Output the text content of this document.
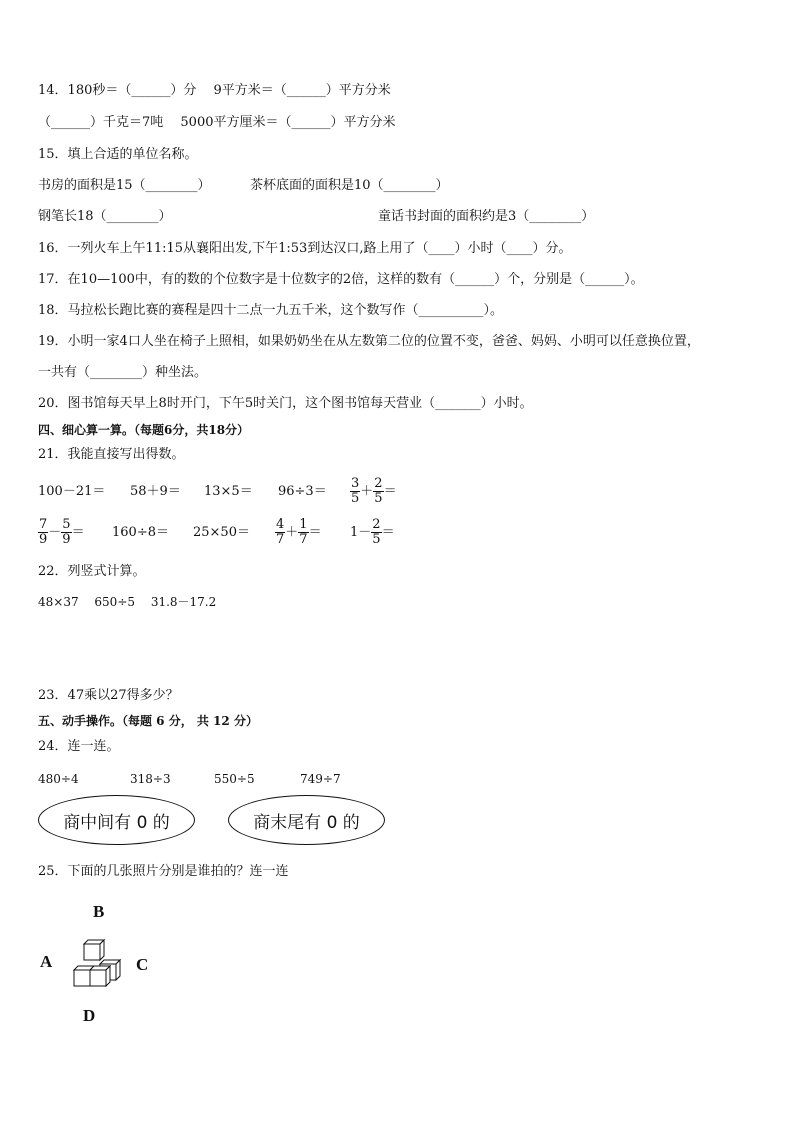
14．180秒＝（______）分　 9平方米＝（______）平方分米
（______）千克＝7吨　 5000平方厘米＝（______）平方分米
15．填上合适的单位名称。
书房的面积是15（________）	茶杯底面的面积是10（________）
钢笔长18（________）	童话书封面的面积约是3（________）
16．一列火车上午11:15从襄阳出发,下午1:53到达汉口,路上用了（____）小时（____）分。
17．在10—100中，有的数的个位数字是十位数字的2倍，这样的数有（______）个，分别是（______）。
18．马拉松长跑比赛的赛程是四十二点一九五千米，这个数写作（__________）。
19．小明一家4口人坐在椅子上照相，如果奶奶坐在从左数第二位的位置不变，爸爸、妈妈、小明可以任意换位置，
一共有（________）种坐法。
20．图书馆每天早上8时开门，下午5时关门，这个图书馆每天营业（_______）小时。
四、细心算一算。（每题6分，共18分）
21．我能直接写出得数。
$100-21= 58+9= 13\times 5= 96\div 3= \frac{3}{5} + \frac{2}{5}$ ＝
$\frac{7}{9} - \frac{5}{9} = 160\div 8= 25\times 50= \frac{4}{7} + \frac{1}{7} = 1- \frac{2}{5}$ ＝
22．列竖式计算。
48×37　 650÷5　 31.8－17.2
23．47乘以27得多少？
五、动手操作。（每题 6 分， 共 12 分）
24．连一连。
480÷4	318÷3	550÷5	749÷7
商中间有 0 的	商末尾有 0 的
25．下面的几张照片分别是谁拍的？连一连
B
A	C
D
